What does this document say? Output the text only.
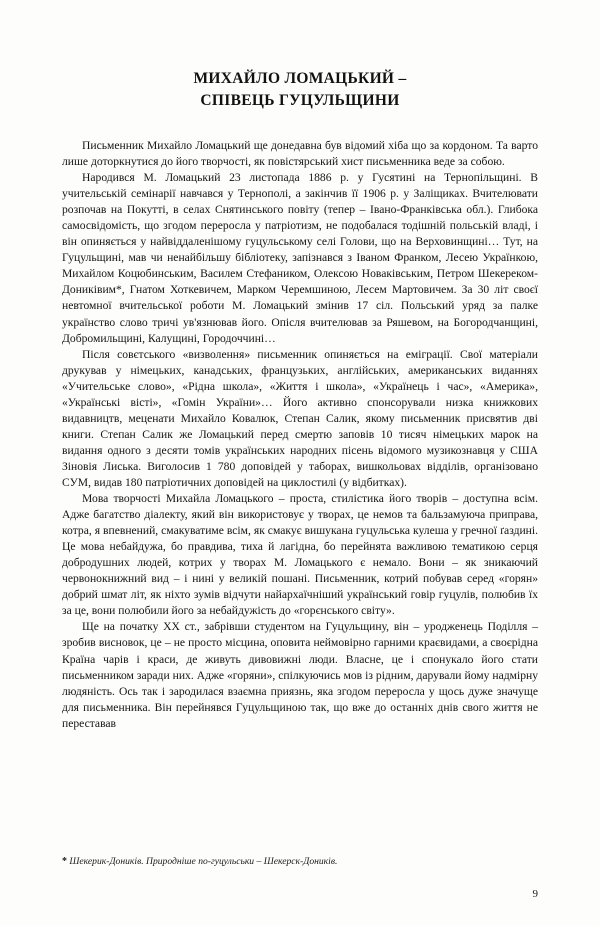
МИХАЙЛО ЛОМАЦЬКИЙ –
СПІВЕЦЬ ГУЦУЛЬЩИНИ

Письменник Михайло Ломацький ще донедавна був відомий хіба що за кордоном. Та варто лише доторкнутися до його творчості, як повістярський хист письменника веде за собою.

Народився М. Ломацький 23 листопада 1886 р. у Гусятині на Тернопільщині. В учительській семінарії навчався у Тернополі, а закінчив її 1906 р. у Заліщиках. Вчителювати розпочав на Покутті, в селах Снятинського повіту (тепер – Івано-Франківська обл.). Глибока самосвідомість, що згодом переросла у патріотизм, не подобалася тодішній польській владі, і він опиняється у найвіддаленішому гуцульському селі Голови, що на Верховинщині… Тут, на Гуцульщині, мав чи ненайбільшу бібліотеку, запізнався з Іваном Франком, Лесею Українкою, Михайлом Коцюбинським, Василем Стефаником, Олексою Новаківським, Петром Шекереком-Дониківим*, Гнатом Хоткевичем, Марком Черемшиною, Лесем Мартовичем. За 30 літ своєї невтомної вчительської роботи М. Ломацький змінив 17 сіл. Польський уряд за палке українство слово тричі ув'язнював його. Опісля вчителював за Ряшевом, на Богородчанщині, Добромильщині, Калущині, Городоччині…

Після совєтського «визволення» письменник опиняється на еміграції. Свої матеріали друкував у німецьких, канадських, французьких, англійських, американських виданнях «Учительське слово», «Рідна школа», «Життя і школа», «Українець і час», «Америка», «Українські вісті», «Гомін України»… Його активно спонсорували низка книжкових видавництв, меценати Михайло Ковалюк, Степан Салик, якому письменник присвятив дві книги. Степан Салик же Ломацький перед смертю заповів 10 тисяч німецьких марок на видання одного з десяти томів українських народних пісень відомого музикознавця у США Зіновія Лиська. Виголосив 1 780 доповідей у таборах, вишкольовах відділів, організовано СУМ, видав 180 патріотичних доповідей на циклостилі (у відбитках).

Мова творчості Михайла Ломацького – проста, стилістика його творів – доступна всім. Адже багатство діалекту, який він використовує у творах, це немов та бальзамуюча приправа, котра, я впевнений, смакуватиме всім, як смакує вишукана гуцульська кулеша у гречної ґаздині. Це мова небайдужа, бо правдива, тиха й лагідна, бо перейнята важливою тематикою серця добродушних людей, котрих у творах М. Ломацького є немало. Вони – як зникаючий червонокнижний вид – і нині у великій пошані. Письменник, котрий побував серед «горян» добрий шмат літ, як ніхто зумів відчути найархаїчніший український говір гуцулів, полюбив їх за це, вони полюбили його за небайдужість до «горєнського світу».

Ще на початку ХХ ст., забрівши студентом на Гуцульщину, він – уродженець Поділля – зробив висновок, це – не просто місцина, оповита неймовірно гарними краєвидами, а своєрідна Країна чарів і краси, де живуть дивовижні люди. Власне, це і спонукало його стати письменником заради них. Адже «горяни», спілкуючись мов із рідним, дарували йому надмірну людяність. Ось так і зародилася взаємна приязнь, яка згодом переросла у щось дуже значуще для письменника. Він перейнявся Гуцульщиною так, що вже до останніх днів свого життя не переставав

* Шекерик-Доників. Природніше по-гуцульськи – Шекерск-Доників.
9
